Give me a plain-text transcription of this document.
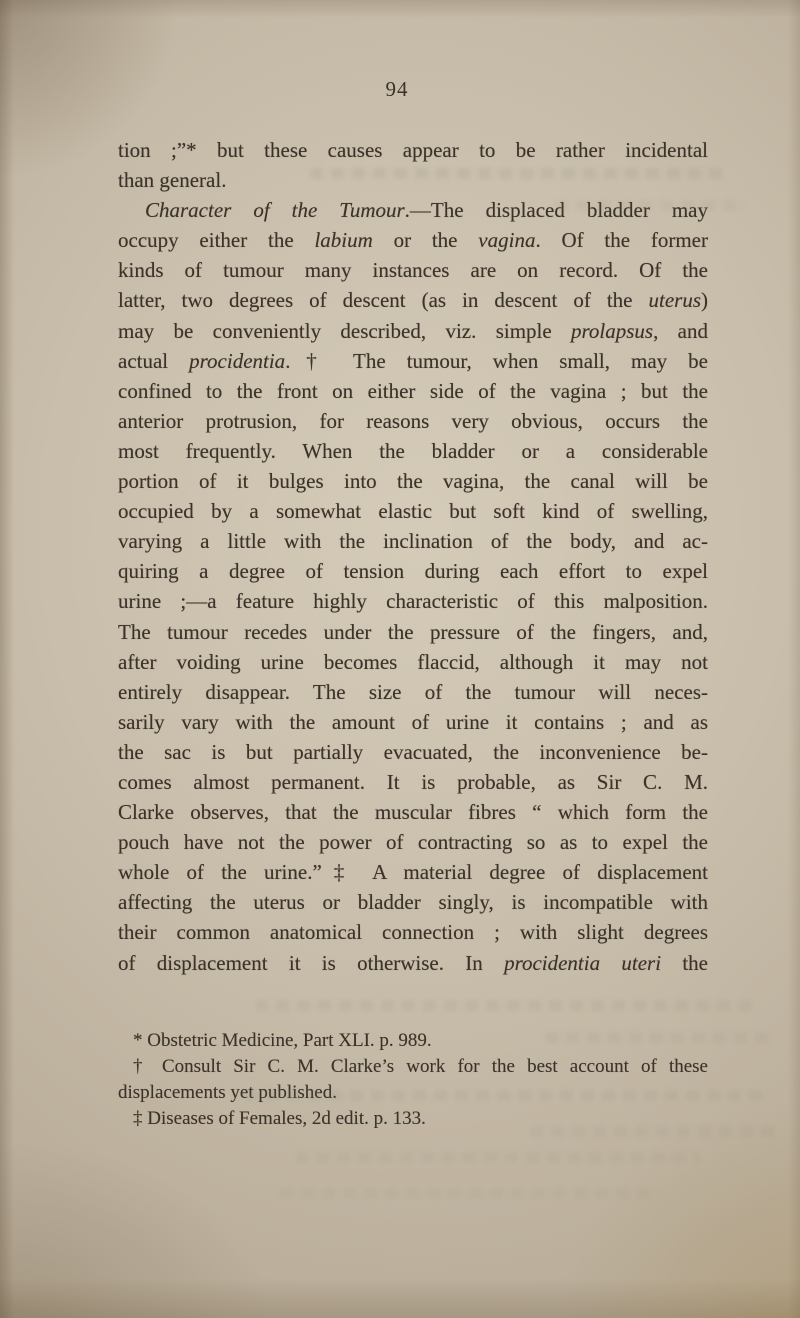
94
tion ;”* but these causes appear to be rather incidental
than general.
Character of the Tumour.—The displaced bladder may
occupy either the labium or the vagina. Of the former
kinds of tumour many instances are on record. Of the
latter, two degrees of descent (as in descent of the uterus)
may be conveniently described, viz. simple prolapsus, and
actual procidentia.† The tumour, when small, may be
confined to the front on either side of the vagina ; but the
anterior protrusion, for reasons very obvious, occurs the
most frequently. When the bladder or a considerable
portion of it bulges into the vagina, the canal will be
occupied by a somewhat elastic but soft kind of swelling,
varying a little with the inclination of the body, and ac-
quiring a degree of tension during each effort to expel
urine ;—a feature highly characteristic of this malposition.
The tumour recedes under the pressure of the fingers, and,
after voiding urine becomes flaccid, although it may not
entirely disappear. The size of the tumour will neces-
sarily vary with the amount of urine it contains ; and as
the sac is but partially evacuated, the inconvenience be-
comes almost permanent. It is probable, as Sir C. M.
Clarke observes, that the muscular fibres “ which form the
pouch have not the power of contracting so as to expel the
whole of the urine.”‡ A material degree of displacement
affecting the uterus or bladder singly, is incompatible with
their common anatomical connection ; with slight degrees
of displacement it is otherwise. In procidentia uteri the
* Obstetric Medicine, Part XLI. p. 989.
† Consult Sir C. M. Clarke’s work for the best account of these
displacements yet published.
‡ Diseases of Females, 2d edit. p. 133.
